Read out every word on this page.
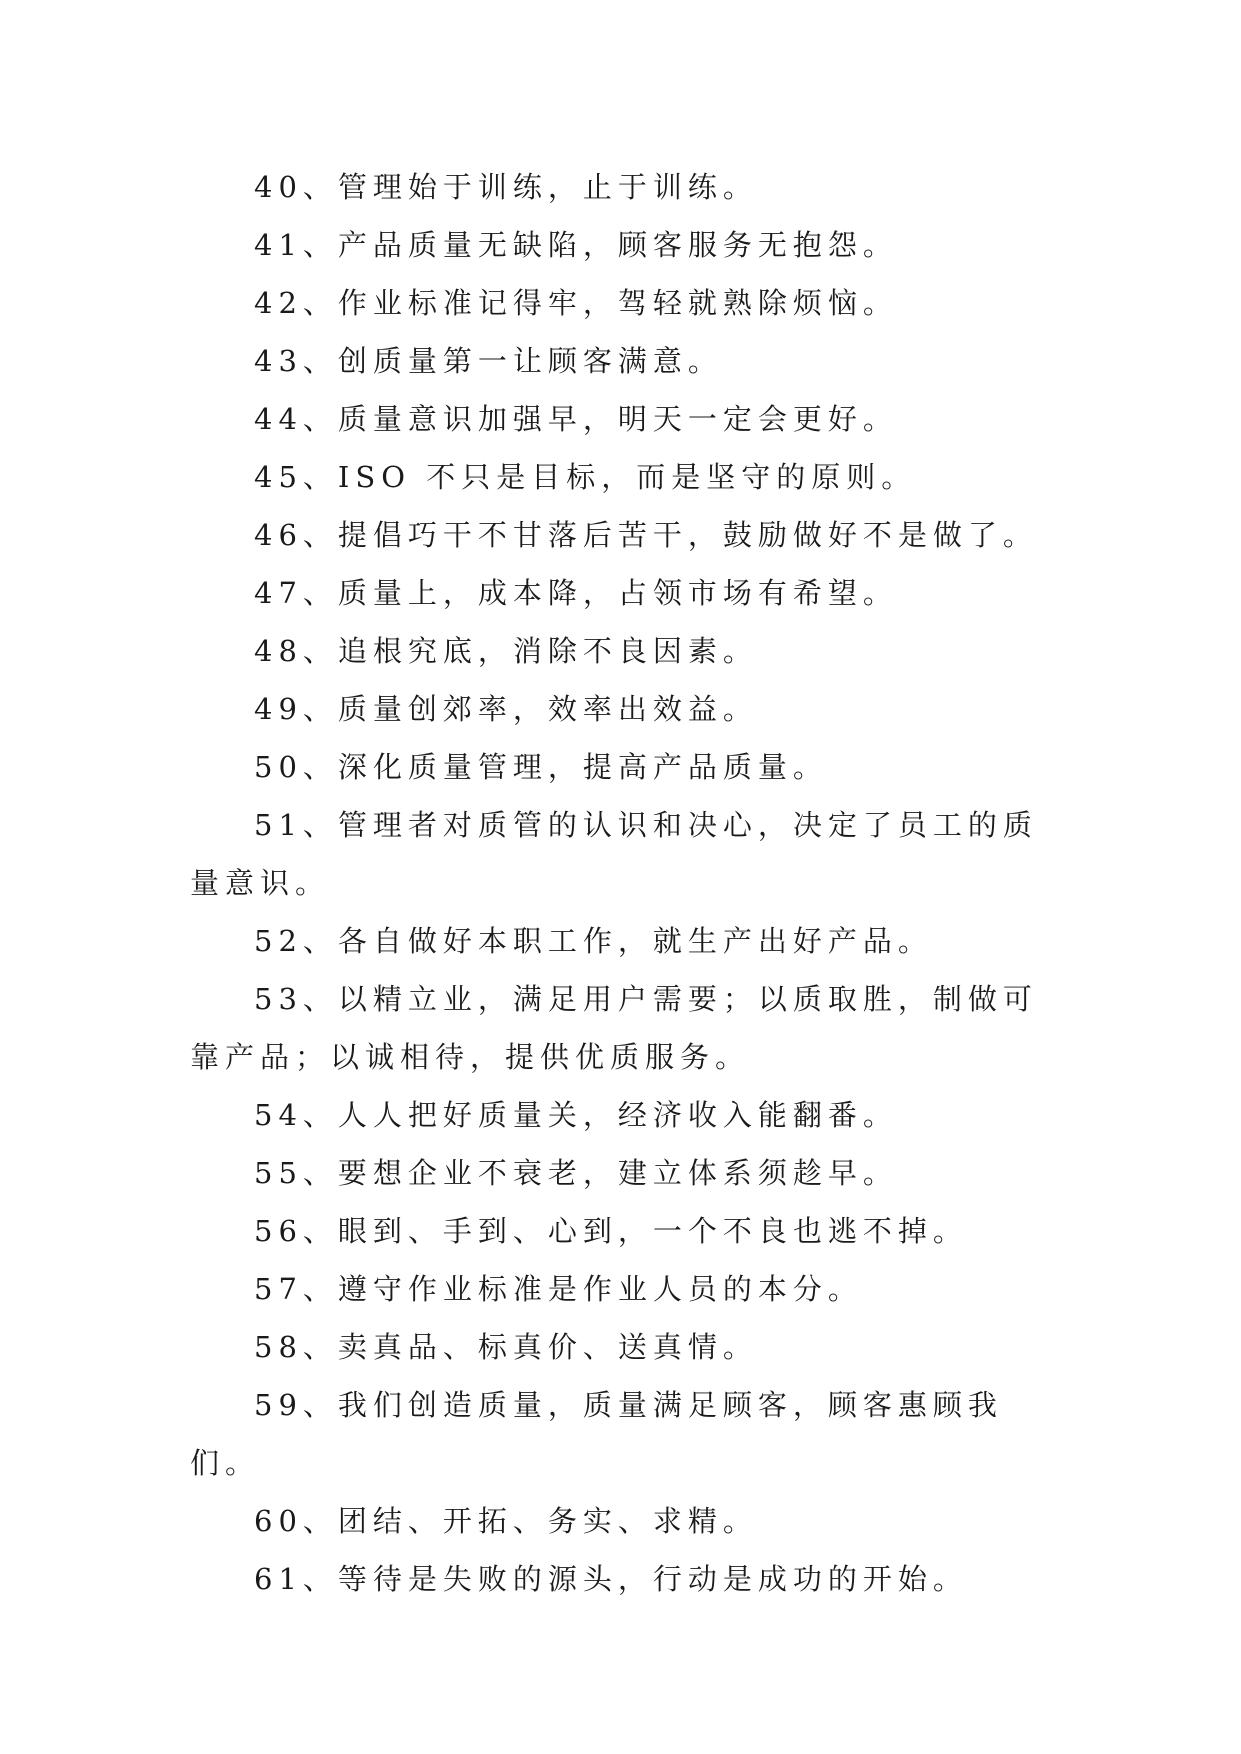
40、管理始于训练，止于训练。

41、产品质量无缺陷，顾客服务无抱怨。

42、作业标准记得牢，驾轻就熟除烦恼。

43、创质量第一让顾客满意。

44、质量意识加强早，明天一定会更好。

45、ISO 不只是目标，而是坚守的原则。

46、提倡巧干不甘落后苦干，鼓励做好不是做了。

47、质量上，成本降，占领市场有希望。

48、追根究底，消除不良因素。

49、质量创郊率，效率出效益。

50、深化质量管理，提高产品质量。

51、管理者对质管的认识和决心，决定了员工的质量意识。

52、各自做好本职工作，就生产出好产品。

53、以精立业，满足用户需要；以质取胜，制做可靠产品；以诚相待，提供优质服务。

54、人人把好质量关，经济收入能翻番。

55、要想企业不衰老，建立体系须趁早。

56、眼到、手到、心到，一个不良也逃不掉。

57、遵守作业标准是作业人员的本分。

58、卖真品、标真价、送真情。

59、我们创造质量，质量满足顾客，顾客惠顾我们。

60、团结、开拓、务实、求精。

61、等待是失败的源头，行动是成功的开始。
